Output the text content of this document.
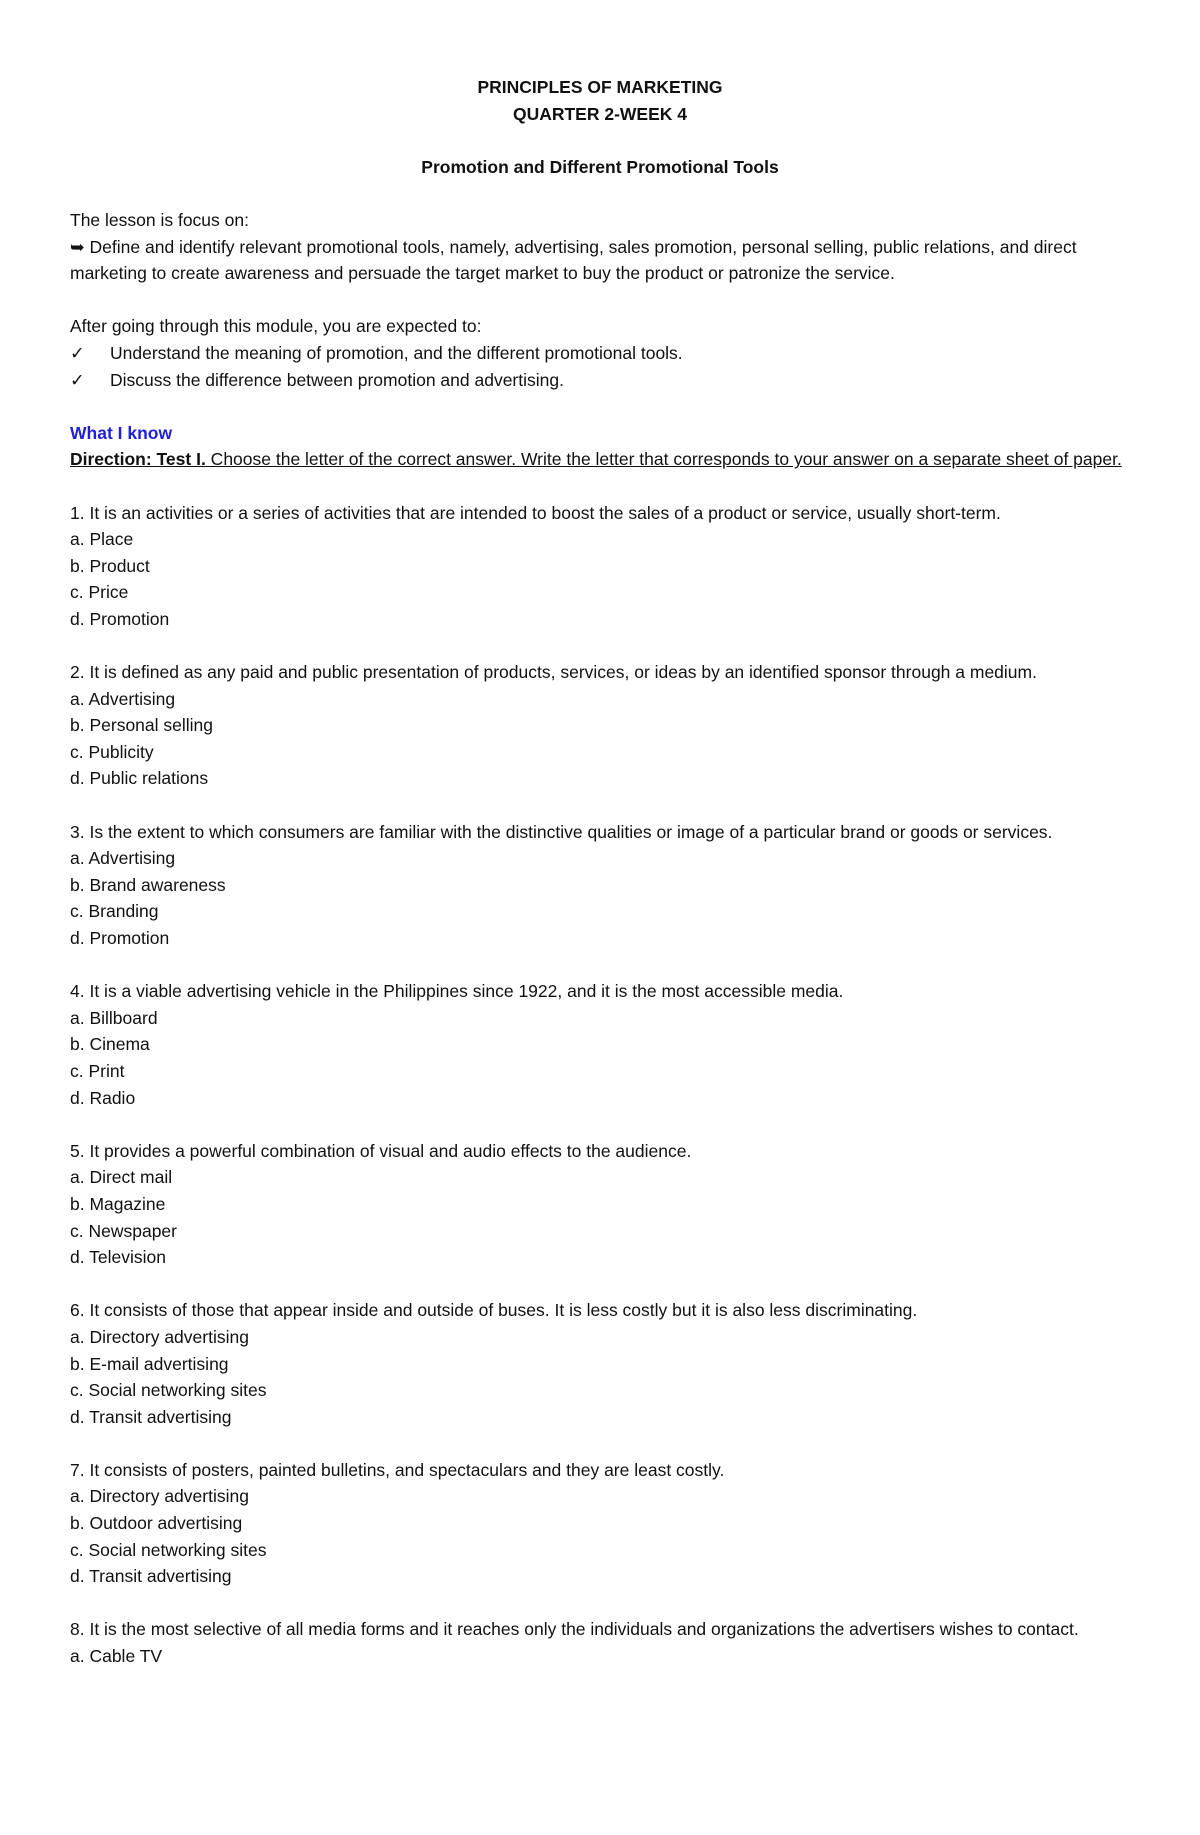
PRINCIPLES OF MARKETING

QUARTER 2-WEEK 4

Promotion and Different Promotional Tools

The lesson is focus on:

➥ Define and identify relevant promotional tools, namely, advertising, sales promotion, personal selling, public relations, and direct marketing to create awareness and persuade the target market to buy the product or patronize the service.

After going through this module, you are expected to:

✓	Understand the meaning of promotion, and the different promotional tools.
✓	Discuss the difference between promotion and advertising.

What I know

Direction: Test I. Choose the letter of the correct answer. Write the letter that corresponds to your answer on a separate sheet of paper.

1. It is an activities or a series of activities that are intended to boost the sales of a product or service, usually short-term.

a. Place

b. Product

c. Price

d. Promotion

2. It is defined as any paid and public presentation of products, services, or ideas by an identified sponsor through a medium.

a. Advertising

b. Personal selling

c. Publicity

d. Public relations

3. Is the extent to which consumers are familiar with the distinctive qualities or image of a particular brand or goods or services.

a. Advertising

b. Brand awareness

c. Branding

d. Promotion

4. It is a viable advertising vehicle in the Philippines since 1922, and it is the most accessible media.

a. Billboard

b. Cinema

c. Print

d. Radio

5. It provides a powerful combination of visual and audio effects to the audience.

a. Direct mail

b. Magazine

c. Newspaper

d. Television

6. It consists of those that appear inside and outside of buses. It is less costly but it is also less discriminating.

a. Directory advertising

b. E-mail advertising

c. Social networking sites

d. Transit advertising

7. It consists of posters, painted bulletins, and spectaculars and they are least costly.

a. Directory advertising

b. Outdoor advertising

c. Social networking sites

d. Transit advertising

8. It is the most selective of all media forms and it reaches only the individuals and organizations the advertisers wishes to contact.

a. Cable TV
